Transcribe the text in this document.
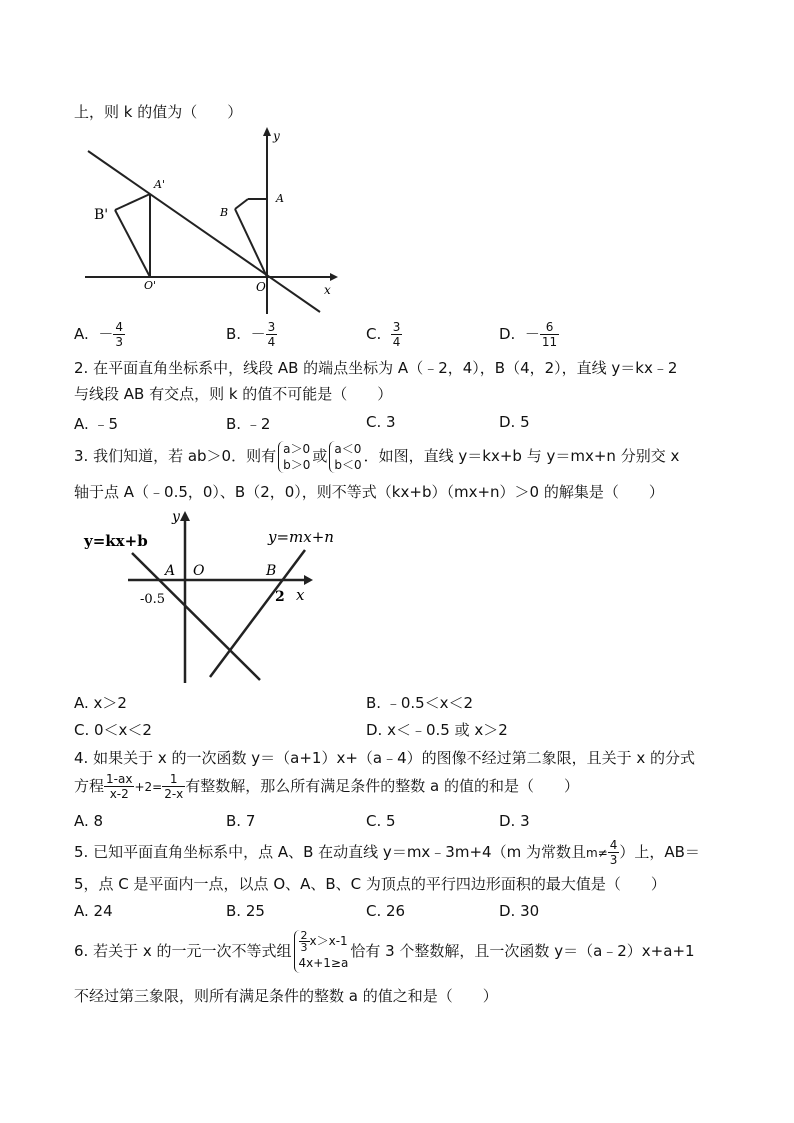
上，则 k 的值为（　　）
y
x
A'
B'
O'
A
B
O
A. － $\frac{4}{3}$	B. － $\frac{3}{4}$	C. $\frac{3}{4}$	D. － $\frac{6}{11}$
2. 在平面直角坐标系中，线段 AB 的端点坐标为 A（﹣2，4），B（4，2），直线 y＝kx﹣2
与线段 AB 有交点，则 k 的值不可能是（　　）
A. ﹣5	B. ﹣2	C. 3	D. 5
3. 我们知道，若 ab＞0．则有 a＞0
b＞0 或 a＜0
b＜0 ．如图，直线 y＝kx+b 与 y＝mx+n 分别交 x
轴于点 A（﹣0.5，0）、B（2，0），则不等式（kx+b）（mx+n）＞0 的解集是（　　）
y
x
y=kx+b	y=mx+n
A O	B
-0.5	2
A. x＞2	B. ﹣0.5＜x＜2
C. 0＜x＜2	D. x＜﹣0.5 或 x＞2
4. 如果关于 x 的一次函数 y＝（a+1）x+（a﹣4）的图像不经过第二象限，且关于 x 的分式
方程 $\frac{1-ax}{x-2} +2= \frac{1}{2-x}$ 有整数解，那么所有满足条件的整数 a 的值的和是（　　）
A. 8	B. 7	C. 5	D. 3
5. 已知平面直角坐标系中，点 A、B 在动直线 y＝mx﹣3m+4（m 为常数且$m\ne \frac{4}{3}$ ）上，AB＝
5，点 C 是平面内一点，以点 O、A、B、C 为顶点的平行四边形面积的最大值是（　　）
A. 24	B. 25	C. 26	D. 30
6. 若关于 x 的一元一次不等式组 $\frac{2}{3} x>x-1$
4x+1≥a
恰有 3 个整数解，且一次函数 y＝（a﹣2）x+a+1
不经过第三象限，则所有满足条件的整数 a 的值之和是（　　）
